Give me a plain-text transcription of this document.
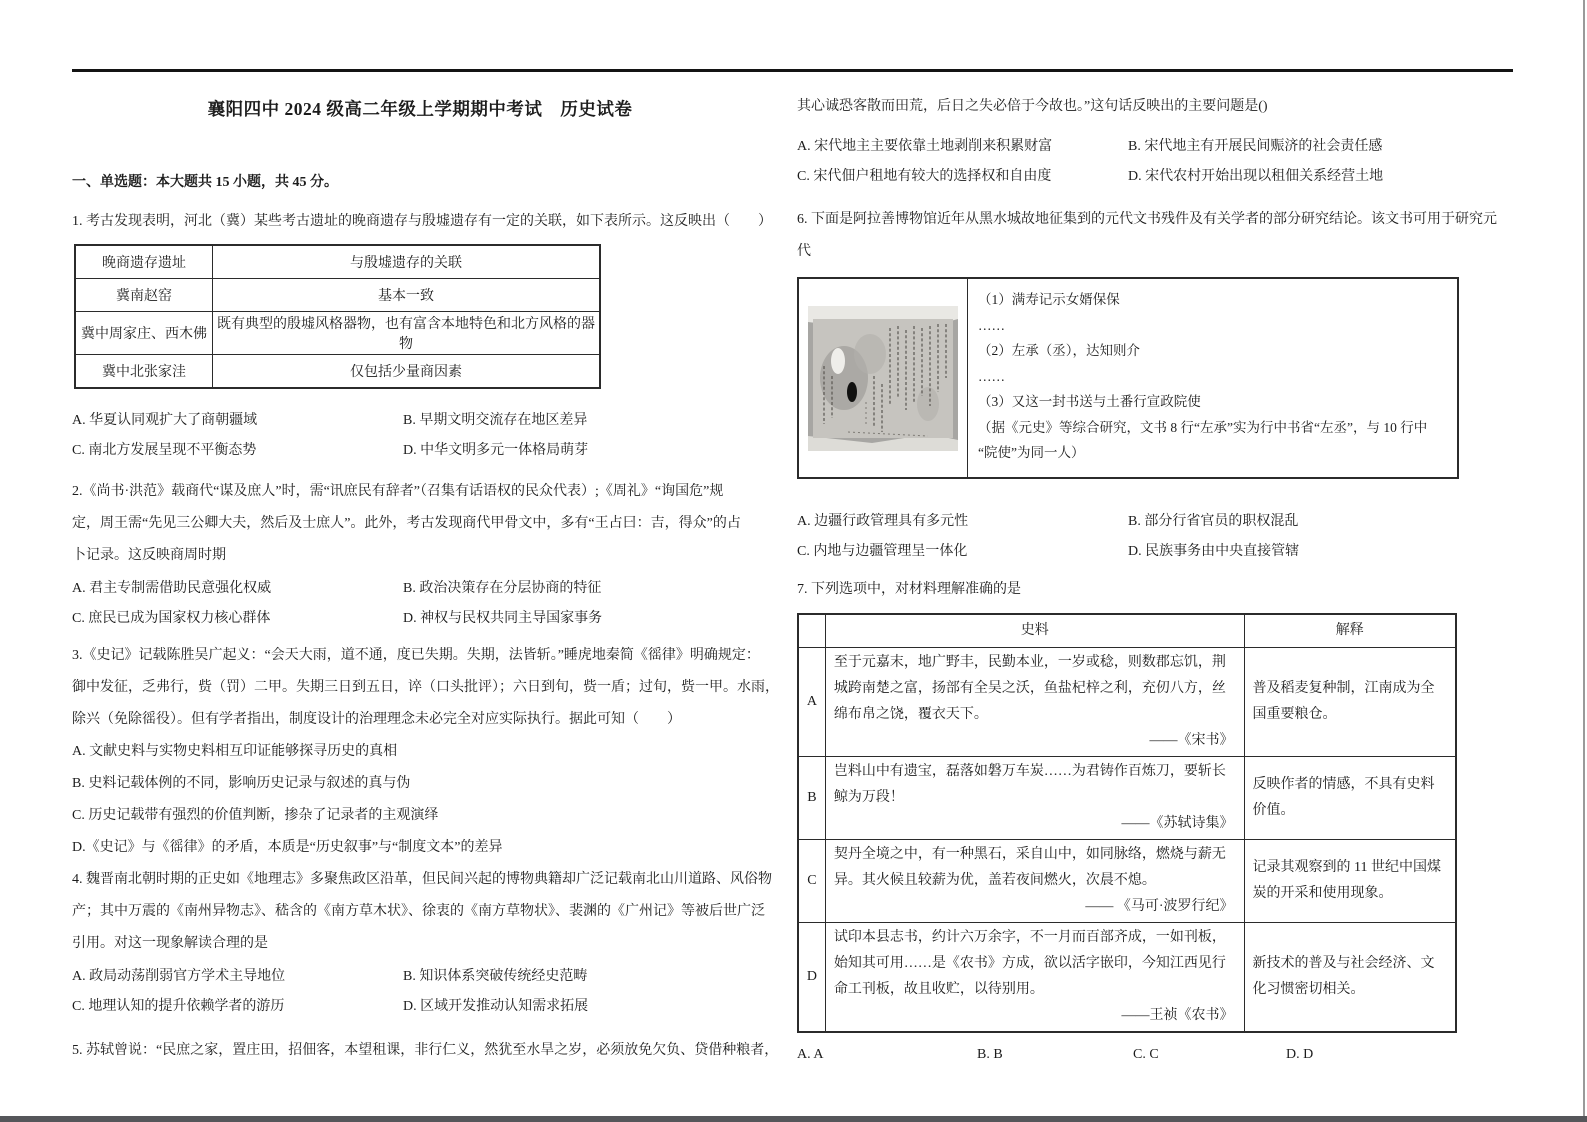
襄阳四中 2024 级高二年级上学期期中考试　历史试卷
一、单选题：本大题共 15 小题，共 45 分。
1. 考古发现表明，河北（冀）某些考古遗址的晚商遗存与殷墟遗存有一定的关联，如下表所示。这反映出（　　）
晚商遗存遗址	与殷墟遗存的关联
冀南赵窑	基本一致
冀中周家庄、西木佛	既有典型的殷墟风格器物，也有富含本地特色和北方风格的器物
冀中北张家洼	仅包括少量商因素
A. 华夏认同观扩大了商朝疆域	B. 早期文明交流存在地区差异
C. 南北方发展呈现不平衡态势	D. 中华文明多元一体格局萌芽
2.《尚书·洪范》载商代“谋及庶人”时，需“讯庶民有辞者”（召集有话语权的民众代表）;《周礼》“询国危”规
定，周王需“先见三公卿大夫，然后及士庶人”。此外，考古发现商代甲骨文中，多有“王占曰：吉，得众”的占
卜记录。这反映商周时期
A. 君主专制需借助民意强化权威	B. 政治决策存在分层协商的特征
C. 庶民已成为国家权力核心群体	D. 神权与民权共同主导国家事务
3.《史记》记载陈胜吴广起义：“会天大雨，道不通，度已失期。失期，法皆斩。”睡虎地秦简《徭律》明确规定：
御中发征，乏弗行，赀（罚）二甲。失期三日到五日，谇（口头批评）；六日到旬，赀一盾；过旬，赀一甲。水雨，
除兴（免除徭役）。但有学者指出，制度设计的治理理念未必完全对应实际执行。据此可知（　　）
A. 文献史料与实物史料相互印证能够探寻历史的真相
B. 史料记载体例的不同，影响历史记录与叙述的真与伪
C. 历史记载带有强烈的价值判断，掺杂了记录者的主观演绎
D.《史记》与《徭律》的矛盾，本质是“历史叙事”与“制度文本”的差异
4. 魏晋南北朝时期的正史如《地理志》多聚焦政区沿革，但民间兴起的博物典籍却广泛记载南北山川道路、风俗物
产；其中万震的《南州异物志》、嵇含的《南方草木状》、徐衷的《南方草物状》、裴渊的《广州记》等被后世广泛
引用。对这一现象解读合理的是
A. 政局动荡削弱官方学术主导地位	B. 知识体系突破传统经史范畴
C. 地理认知的提升依赖学者的游历	D. 区域开发推动认知需求拓展
5. 苏轼曾说：“民庶之家，置庄田，招佃客，本望租课，非行仁义，然犹至水旱之岁，必须放免欠负、贷借种粮者，
其心诚恐客散而田荒，后日之失必倍于今故也。”这句话反映出的主要问题是()
A. 宋代地主主要依靠土地剥削来积累财富	B. 宋代地主有开展民间赈济的社会责任感
C. 宋代佃户租地有较大的选择权和自由度	D. 宋代农村开始出现以租佃关系经营土地
6. 下面是阿拉善博物馆近年从黑水城故地征集到的元代文书残件及有关学者的部分研究结论。该文书可用于研究元
代
（1）满寿记示女婿保保
……
（2）左承（丞），达知则介
……
（3）又这一封书送与土番行宣政院使
（据《元史》等综合研究，文书 8 行“左承”实为行中书省“左丞”，与 10 行中
“院使”为同一人）
A. 边疆行政管理具有多元性	B. 部分行省官员的职权混乱
C. 内地与边疆管理呈一体化	D. 民族事务由中央直接管辖
7. 下列选项中，对材料理解准确的是
	史料	解释
A	至于元嘉末，地广野丰，民勤本业，一岁或稔，则数郡忘饥，荆城跨南楚之富，扬部有全吴之沃，鱼盐杞梓之利，充仞八方，丝绵布帛之饶，覆衣天下。
——《宋书》	普及稻麦复种制，江南成为全国重要粮仓。
B	岂料山中有遗宝，磊落如磐万车炭……为君铸作百炼刀，要斩长鲸为万段！
——《苏轼诗集》	反映作者的情感，不具有史料价值。
C	契丹全境之中，有一种黑石，采自山中，如同脉络，燃烧与薪无异。其火候且较薪为优，盖若夜间燃火，次晨不熄。
—— 《马可·波罗行纪》	记录其观察到的 11 世纪中国煤炭的开采和使用现象。
D	试印本县志书，约计六万余字，不一月而百部齐成，一如刊板，始知其可用……是《农书》方成，欲以活字嵌印，今知江西见行命工刊板，故且收贮，以待别用。
——王祯《农书》	新技术的普及与社会经济、文化习惯密切相关。
A. A	B. B	C. C	D. D
